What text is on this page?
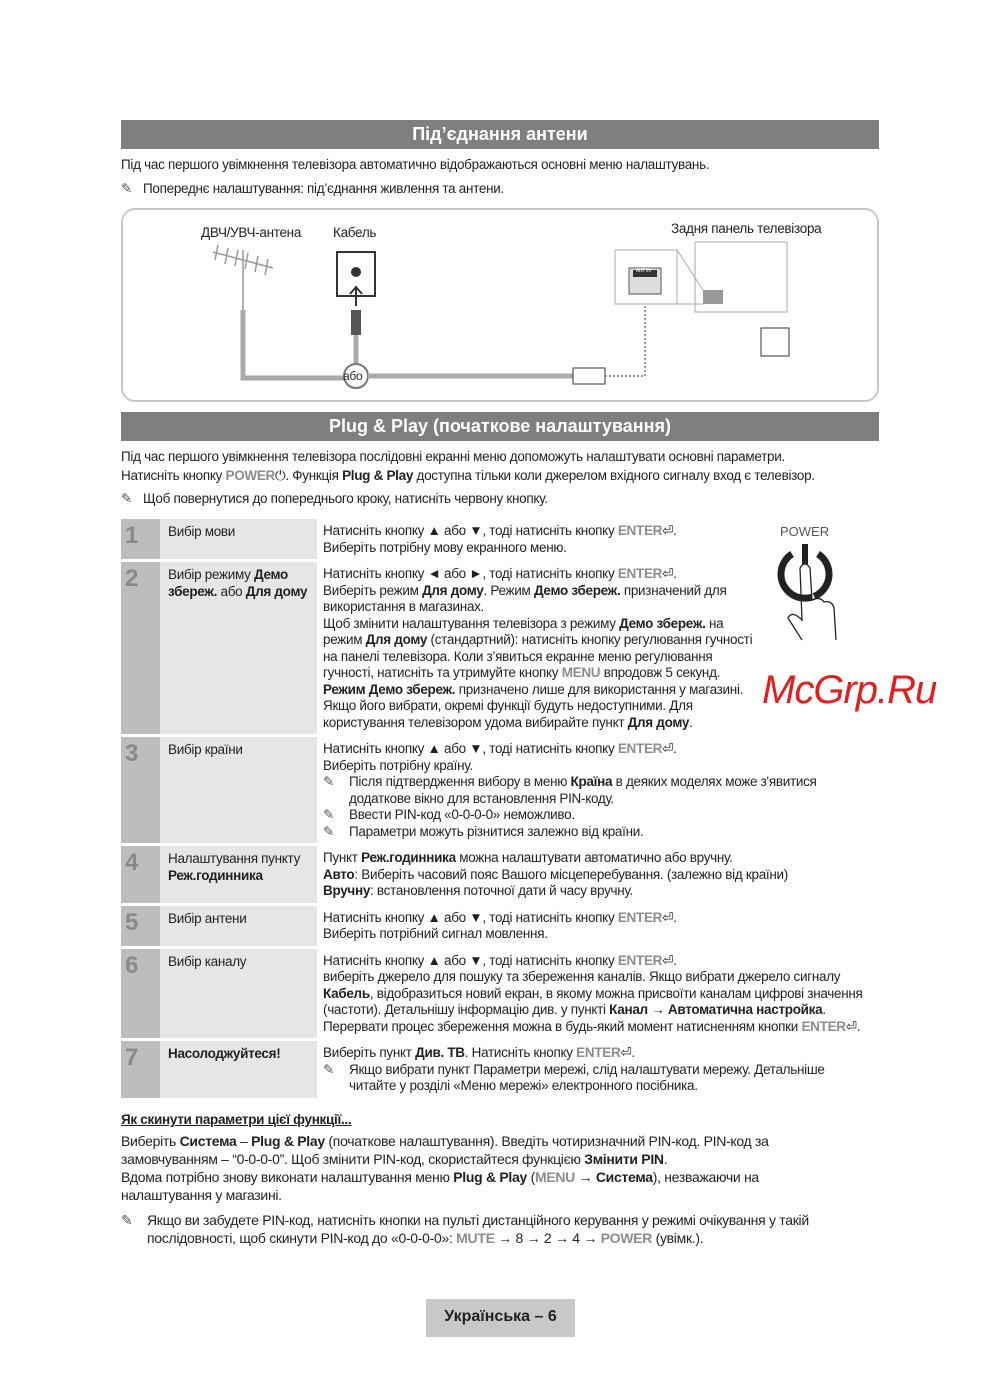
Під’єднання антени
Під час першого увімкнення телевізора автоматично відображаються основні меню налаштувань.
✎ Попереднє налаштування: під’єднання живлення та антени.
ДВЧ/УВЧ-антена Кабель	Задня панель телевізора
або
ANT IN
Plug & Play (початкове налаштування)
Під час першого увімкнення телевізора послідовні екранні меню допоможуть налаштувати основні параметри.
Натисніть кнопку POWER⏻. Функція Plug & Play доступна тільки коли джерелом вхідного сигналу вход є телевізор.
✎ Щоб повернутися до попереднього кроку, натисніть червону кнопку.
1	Вибір мови	Натисніть кнопку ▲ або ▼, тоді натисніть кнопку ENTER⏎.
Виберіть потрібну мову екранного меню.
2	Вибір режиму Демо збереж. або Для дому
Натисніть кнопку ◄ або ►, тоді натисніть кнопку ENTER⏎.
Виберіть режим Для дому. Режим Демо збереж. призначений для
використання в магазинах.
Щоб змінити налаштування телевізора з режиму Демо збереж. на
режим Для дому (стандартний): натисніть кнопку регулювання гучності
на панелі телевізора. Коли з’явиться екранне меню регулювання
гучності, натисніть та утримуйте кнопку MENU впродовж 5 секунд.
Режим Демо збереж. призначено лише для використання у магазині.
Якщо його вибрати, окремі функції будуть недоступними. Для
користування телевізором удома вибирайте пункт Для дому.
3	Вибір країни	Натисніть кнопку ▲ або ▼, тоді натисніть кнопку ENTER⏎.
Виберіть потрібну країну.
✎ Після підтвердження вибору в меню Країна в деяких моделях може з'явитися
додаткове вікно для встановлення PIN-коду.
✎ Ввести PIN-код «0-0-0-0» неможливо.
✎ Параметри можуть різнитися залежно від країни.
4	Налаштування пункту Реж.годинника
Пункт Реж.годинника можна налаштувати автоматично або вручну.
Авто: Виберіть часовий пояс Вашого місцеперебування. (залежно від країни)
Вручну: встановлення поточної дати й часу вручну.
5	Вибір антени	Натисніть кнопку ▲ або ▼, тоді натисніть кнопку ENTER⏎.
Виберіть потрібний сигнал мовлення.
6	Вибір каналу	Натисніть кнопку ▲ або ▼, тоді натисніть кнопку ENTER⏎.
виберіть джерело для пошуку та збереження каналів. Якщо вибрати джерело сигналу
Кабель, відобразиться новий екран, в якому можна присвоїти каналам цифрові значення
(частоти). Детальнішу інформацію див. у пункті Канал → Автоматична настройка.
Перервати процес збереження можна в будь-який момент натисненням кнопки ENTER⏎.
7	Насолоджуйтеся!	Виберіть пункт Див. ТВ. Натисніть кнопку ENTER⏎.
✎ Якщо вибрати пункт Параметри мережі, слід налаштувати мережу. Детальніше
читайте у розділі «Меню мережі» електронного посібника.
POWER
McGrp.Ru
Як скинути параметри цієї функції...
Виберіть Система – Plug & Play (початкове налаштування). Введіть чотиризначний PIN-код. PIN-код за
замовчуванням – “0-0-0-0”. Щоб змінити PIN-код, скористайтеся функцією Змінити PIN.
Вдома потрібно знову виконати налаштування меню Plug & Play (MENU → Система), незважаючи на
налаштування у магазині.
✎ Якщо ви забудете PIN-код, натисніть кнопки на пульті дистанційного керування у режимі очікування у такій
послідовності, щоб скинути PIN-код до «0-0-0-0»: MUTE → 8 → 2 → 4 → POWER (увімк.).
Українська – 6
